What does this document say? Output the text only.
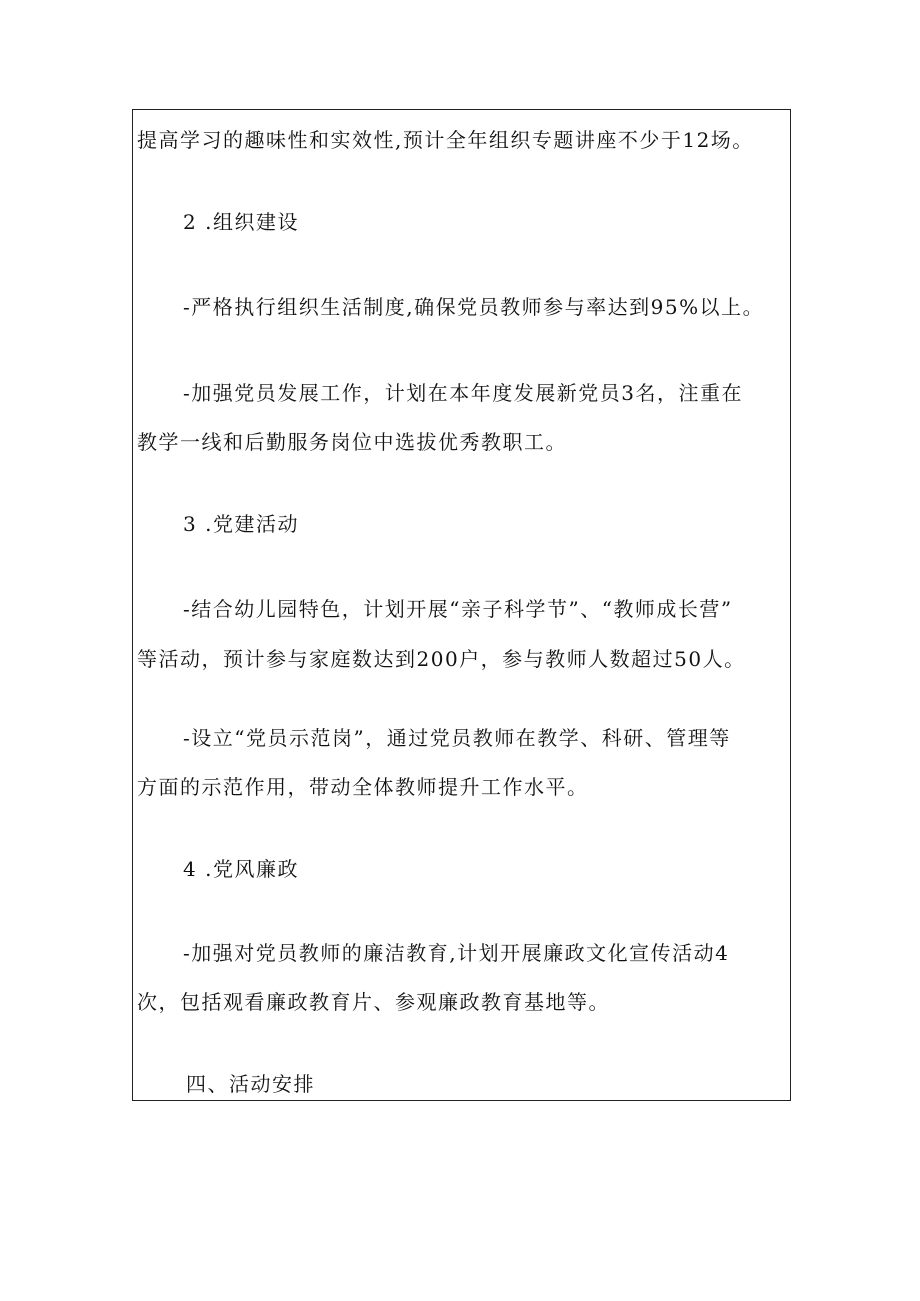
提高学习的趣味性和实效性,预计全年组织专题讲座不少于12场。
2 .组织建设
-严格执行组织生活制度,确保党员教师参与率达到95%以上。
-加强党员发展工作，计划在本年度发展新党员3名，注重在
教学一线和后勤服务岗位中选拔优秀教职工。
3 .党建活动
-结合幼儿园特色，计划开展“亲子科学节”、“教师成长营”
等活动，预计参与家庭数达到200户，参与教师人数超过50人。
-设立“党员示范岗”，通过党员教师在教学、科研、管理等
方面的示范作用，带动全体教师提升工作水平。
4 .党风廉政
-加强对党员教师的廉洁教育,计划开展廉政文化宣传活动4
次，包括观看廉政教育片、参观廉政教育基地等。
四、活动安排
